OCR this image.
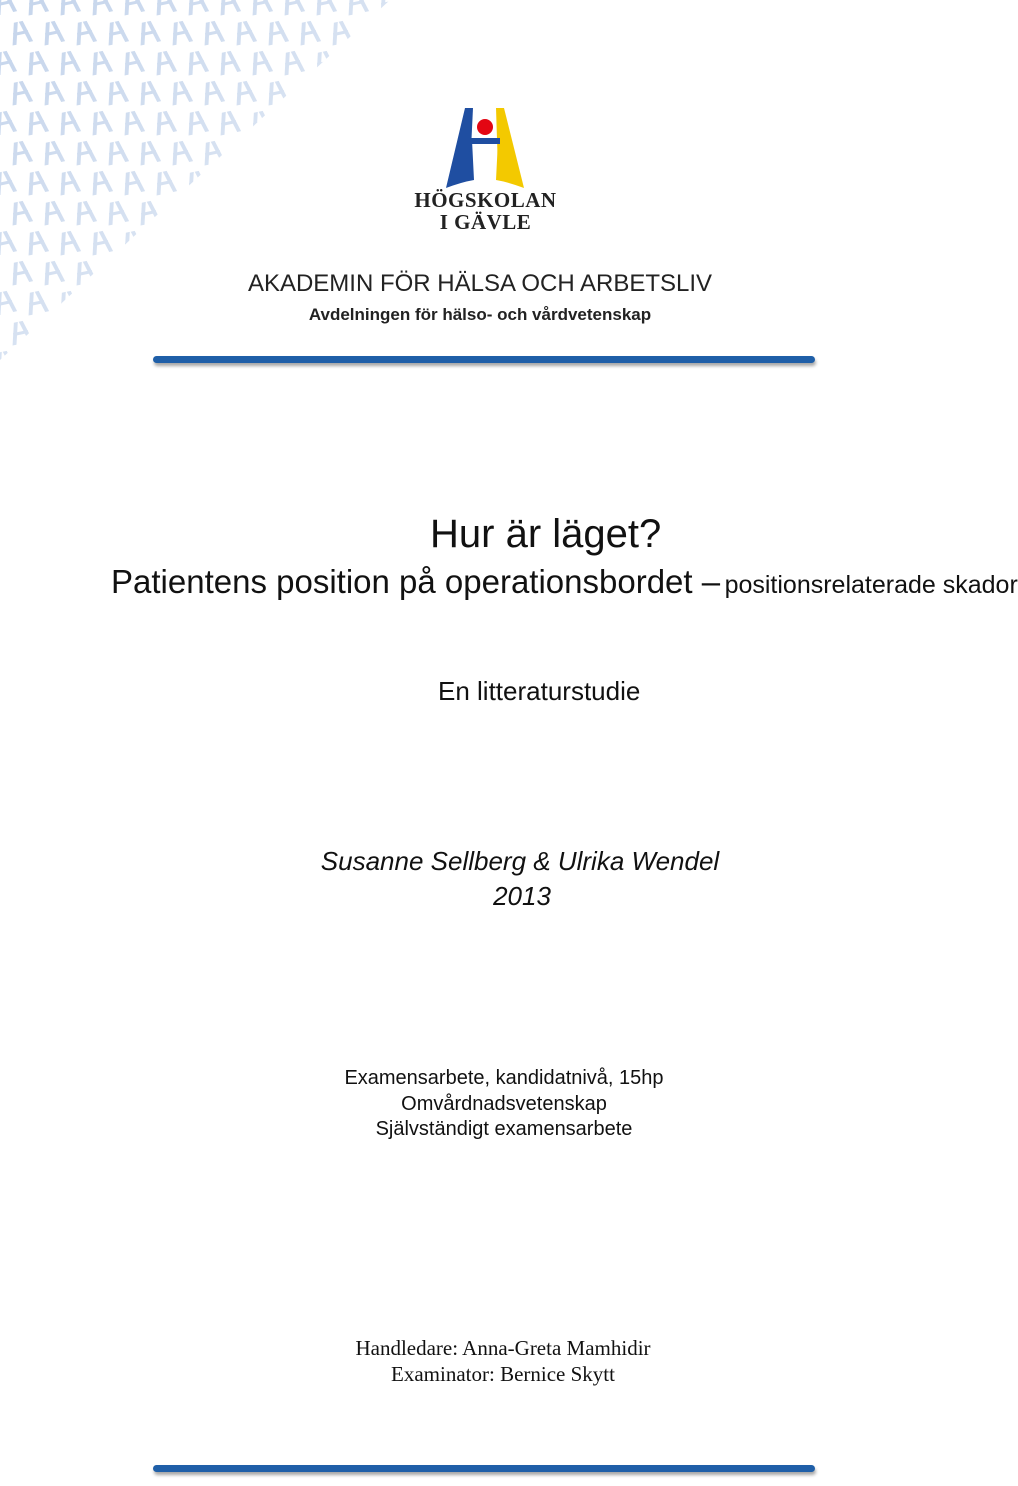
HÖGSKOLAN
I GÄVLE
AKADEMIN FÖR HÄLSA OCH ARBETSLIV
Avdelningen för hälso- och vårdvetenskap
Hur är läget?
Patientens position på operationsbordet – positionsrelaterade skador
En litteraturstudie
Susanne Sellberg & Ulrika Wendel
2013
Examensarbete, kandidatnivå, 15hp
Omvårdnadsvetenskap
Självständigt examensarbete
Handledare: Anna-Greta Mamhidir
Examinator: Bernice Skytt
